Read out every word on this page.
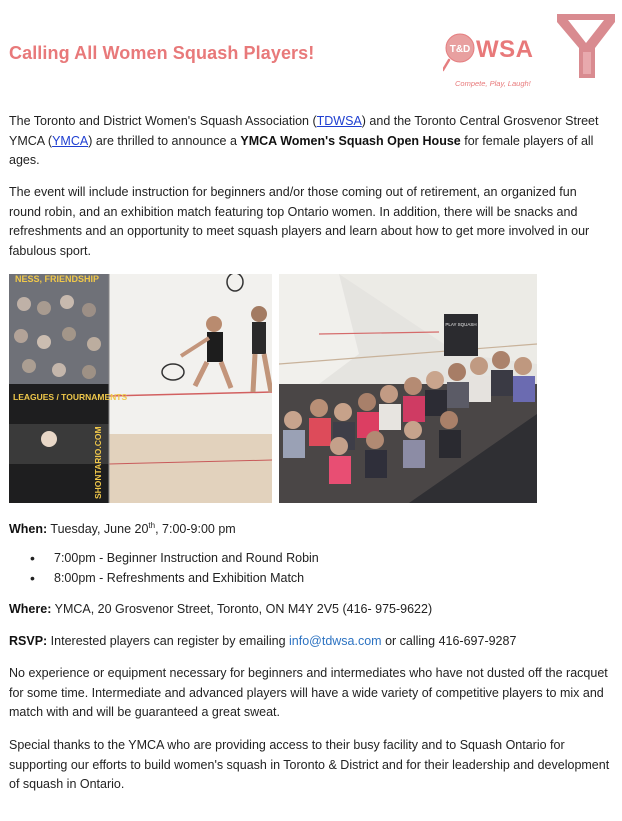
Calling All Women Squash Players!	T&D WSA
Compete, Play, Laugh!

The Toronto and District Women's Squash Association (TDWSA) and the Toronto Central Grosvenor Street YMCA (YMCA) are thrilled to announce a YMCA Women's Squash Open House for female players of all ages.

The event will include instruction for beginners and/or those coming out of retirement, an organized fun round robin, and an exhibition match featuring top Ontario women. In addition, there will be snacks and refreshments and an opportunity to meet squash players and learn about how to get more involved in our fabulous sport.

NESS, FRIENDSHIP
LEAGUES / TOURNAMENTS
SHONTARIO.COM
PLAY SQUASH

When: Tuesday, June 20th, 7:00-9:00 pm

• 7:00pm - Beginner Instruction and Round Robin
• 8:00pm - Refreshments and Exhibition Match

Where: YMCA, 20 Grosvenor Street, Toronto, ON M4Y 2V5 (416- 975-9622)

RSVP: Interested players can register by emailing info@tdwsa.com or calling 416-697-9287

No experience or equipment necessary for beginners and intermediates who have not dusted off the racquet for some time. Intermediate and advanced players will have a wide variety of competitive players to mix and match with and will be guaranteed a great sweat.

Special thanks to the YMCA who are providing access to their busy facility and to Squash Ontario for supporting our efforts to build women's squash in Toronto & District and for their leadership and development of squash in Ontario.
